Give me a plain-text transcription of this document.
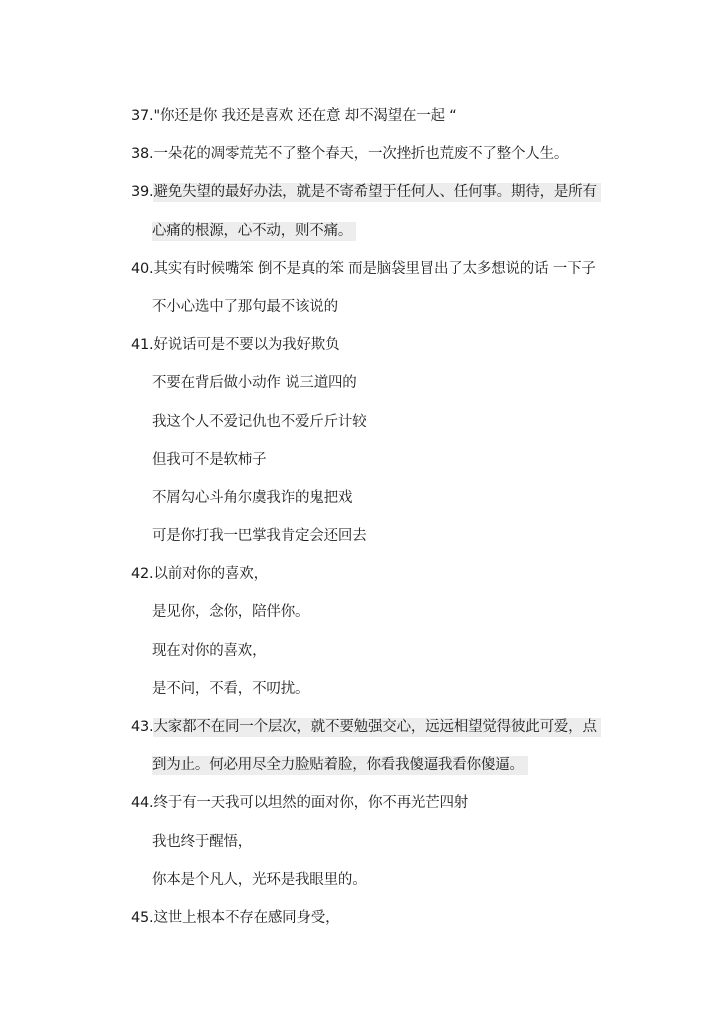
37."你还是你 我还是喜欢 还在意 却不渴望在一起 “
38.一朵花的凋零荒芜不了整个春天，一次挫折也荒废不了整个人生。
39.避免失望的最好办法，就是不寄希望于任何人、任何事。期待，是所有
心痛的根源，心不动，则不痛。
40.其实有时候嘴笨 倒不是真的笨 而是脑袋里冒出了太多想说的话 一下子
不小心选中了那句最不该说的
41.好说话可是不要以为我好欺负
不要在背后做小动作 说三道四的
我这个人不爱记仇也不爱斤斤计较
但我可不是软柿子
不屑勾心斗角尔虞我诈的鬼把戏
可是你打我一巴掌我肯定会还回去
42.以前对你的喜欢，
是见你，念你，陪伴你。
现在对你的喜欢，
是不问，不看，不叨扰。
43.大家都不在同一个层次，就不要勉强交心，远远相望觉得彼此可爱，点
到为止。何必用尽全力脸贴着脸，你看我傻逼我看你傻逼。
44.终于有一天我可以坦然的面对你，你不再光芒四射
我也终于醒悟，
你本是个凡人，光环是我眼里的。
45.这世上根本不存在感同身受，
